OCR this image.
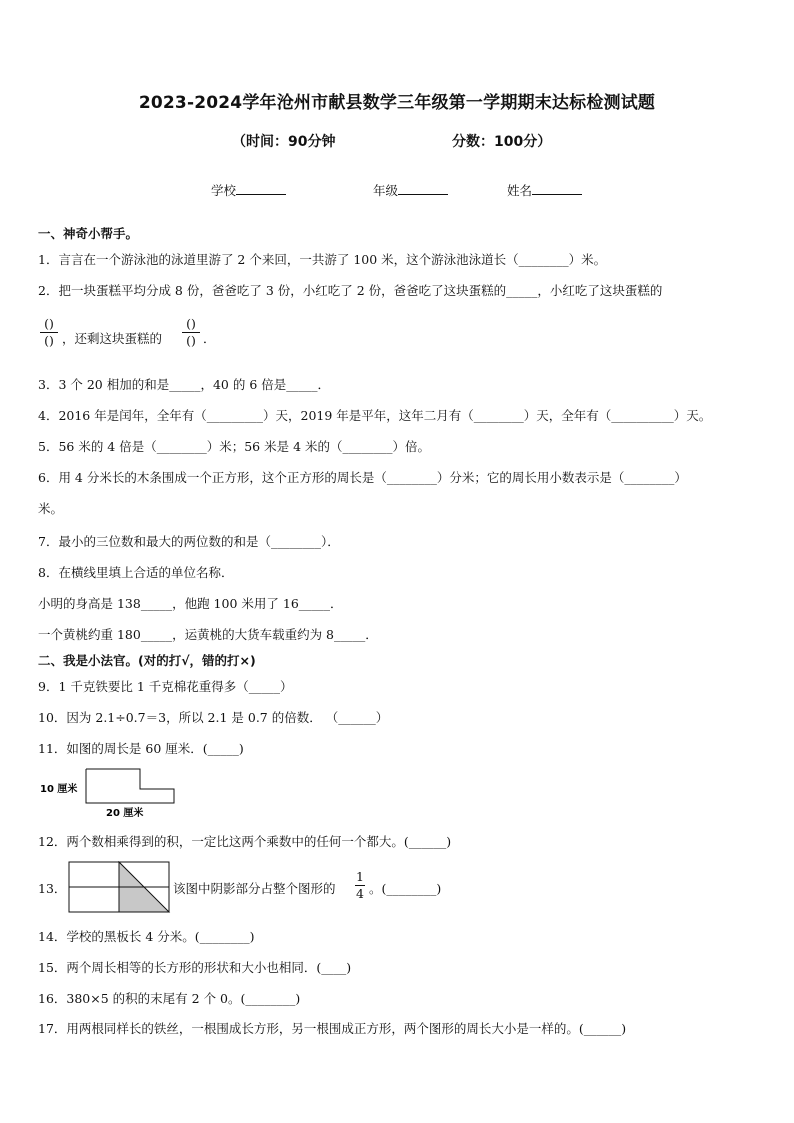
2023-2024学年沧州市献县数学三年级第一学期期末达标检测试题
（时间：90分钟	分数：100分）
学校	年级	姓名
一、神奇小帮手。
1．言言在一个游泳池的泳道里游了 2 个来回，一共游了 100 米，这个游泳池泳道长（________）米。
2．把一块蛋糕平均分成 8 份，爸爸吃了 3 份，小红吃了 2 份，爸爸吃了这块蛋糕的_____，小红吃了这块蛋糕的
()
() ，还剩这块蛋糕的
()
() ．
3．3 个 20 相加的和是_____，40 的 6 倍是_____．
4．2016 年是闰年，全年有（_________）天，2019 年是平年，这年二月有（________）天，全年有（__________）天。
5．56 米的 4 倍是（________）米；56 米是 4 米的（________）倍。
6．用 4 分米长的木条围成一个正方形，这个正方形的周长是（________）分米；它的周长用小数表示是（________）
米。
7．最小的三位数和最大的两位数的和是（________）．
8．在横线里填上合适的单位名称．
小明的身高是 138_____，他跑 100 米用了 16_____．
一个黄桃约重 180_____，运黄桃的大货车载重约为 8_____．
二、我是小法官。(对的打√，错的打×)
9．1 千克铁要比 1 千克棉花重得多（_____）
10．因为 2.1÷0.7＝3，所以 2.1 是 0.7 的倍数． （______）
11．如图的周长是 60 厘米．(_____)
10 厘米
20 厘米
12．两个数相乘得到的积，一定比这两个乘数中的任何一个都大。(______)
13．	该图中阴影部分占整个图形的
1
4 。(________)
14．学校的黑板长 4 分米。(________)
15．两个周长相等的长方形的形状和大小也相同．(____)
16．380×5 的积的末尾有 2 个 0。(________)
17．用两根同样长的铁丝，一根围成长方形，另一根围成正方形，两个图形的周长大小是一样的。(______)
